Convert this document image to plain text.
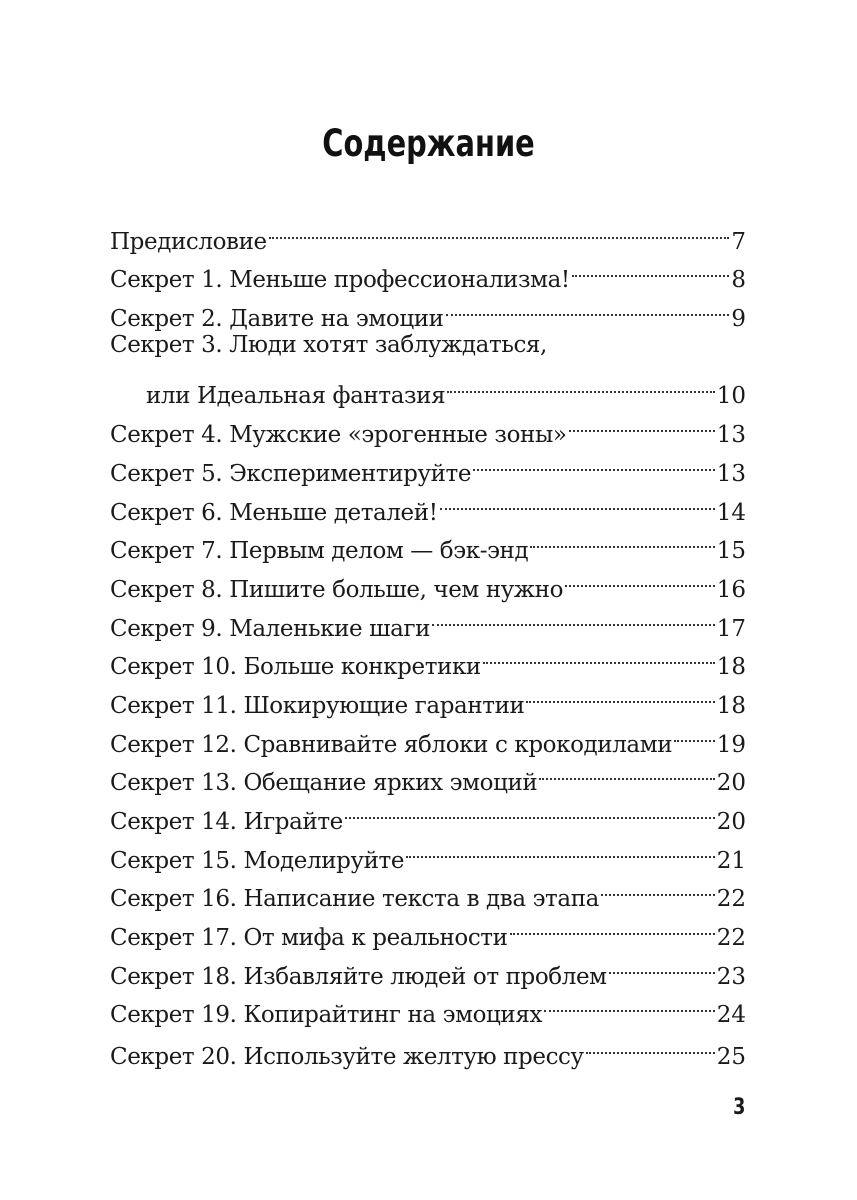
Содержание
Предисловие	7
Секрет 1. Меньше профессионализма!	8
Секрет 2. Давите на эмоции	9
Секрет 3. Люди хотят заблуждаться,
или Идеальная фантазия	10
Секрет 4. Мужские «эрогенные зоны»	13
Секрет 5. Экспериментируйте	13
Секрет 6. Меньше деталей!	14
Секрет 7. Первым делом — бэк-энд	15
Секрет 8. Пишите больше, чем нужно	16
Секрет 9. Маленькие шаги	17
Секрет 10. Больше конкретики	18
Секрет 11. Шокирующие гарантии	18
Секрет 12. Сравнивайте яблоки с крокодилами 19
Секрет 13. Обещание ярких эмоций	20
Секрет 14. Играйте	20
Секрет 15. Моделируйте	21
Секрет 16. Написание текста в два этапа	22
Секрет 17. От мифа к реальности	22
Секрет 18. Избавляйте людей от проблем	23
Секрет 19. Копирайтинг на эмоциях	24
Секрет 20. Используйте желтую прессу	25
3
